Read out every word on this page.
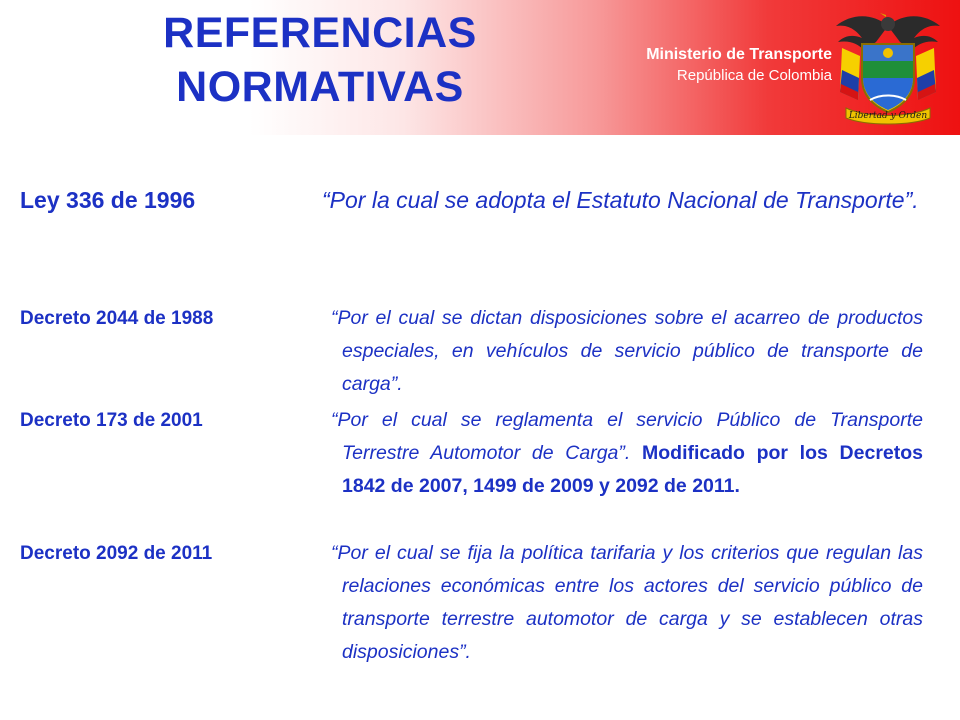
REFERENCIAS
NORMATIVAS
Ministerio de Transporte
República de Colombia
Libertad y Orden
Ley 336 de 1996	“Por la cual se adopta el Estatuto Nacional de Transporte”.
Decreto 2044 de 1988	“Por el cual se dictan disposiciones sobre el acarreo de productos especiales, en vehículos de servicio público de transporte de carga”.
Decreto 173 de 2001	“Por el cual se reglamenta el servicio Público de Transporte Terrestre Automotor de Carga”. Modificado por los Decretos 1842 de 2007, 1499 de 2009 y 2092 de 2011.
Decreto 2092 de 2011	“Por el cual se fija la política tarifaria y los criterios que regulan las relaciones económicas entre los actores del servicio público de transporte terrestre automotor de carga y se establecen otras disposiciones”.
